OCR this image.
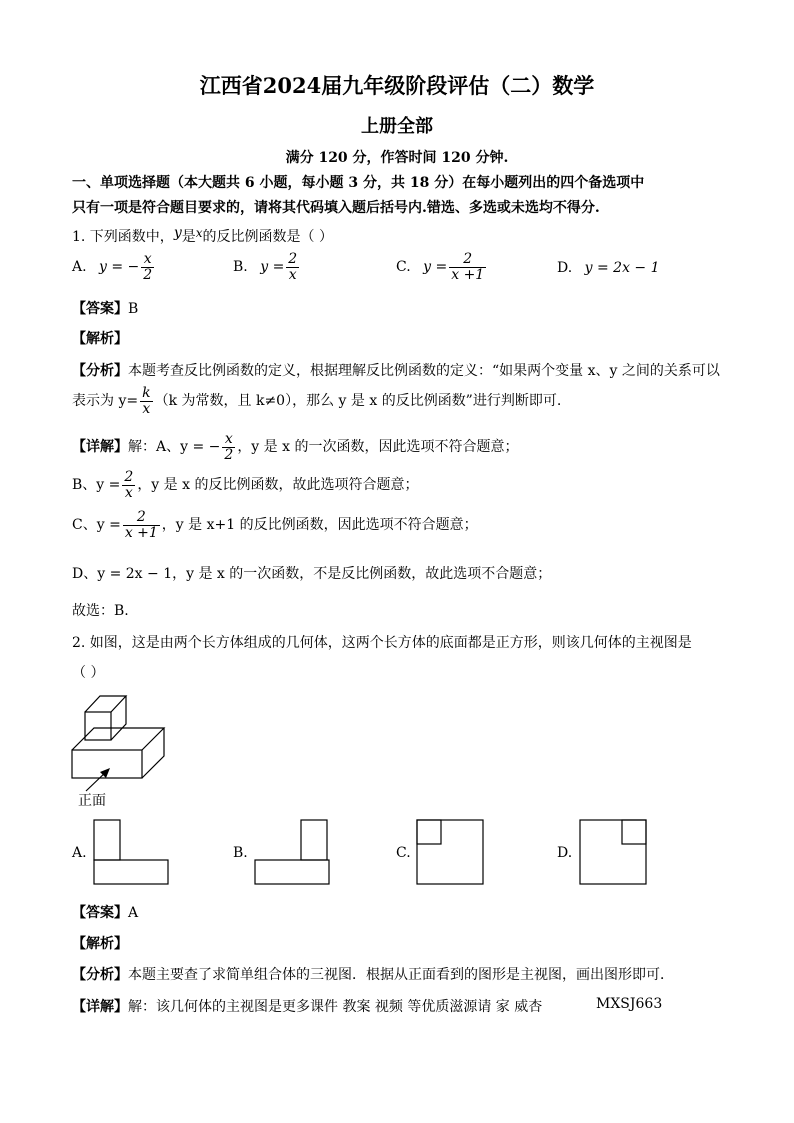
江西省2024届九年级阶段评估（二）数学
上册全部
满分 120 分，作答时间 120 分钟.
一、单项选择题（本大题共 6 小题，每小题 3 分，共 18 分）在每小题列出的四个备选项中
只有一项是符合题目要求的，请将其代码填入题后括号内.错选、多选或未选均不得分.
1. 下列函数中，y是x的反比例函数是（ ）
A. y = − $\frac{x}{2}$	B. $y = \frac{2}{x}$	C. $y = \frac{2}{x +1}$	D. y = 2x − 1
【答案】B
【解析】
【分析】本题考查反比例函数的定义，根据理解反比例函数的定义：“如果两个变量 x、y 之间的关系可以
表示为 $y= \frac{k}{x} (k$ 为常数，且 k≠0），那么 y 是 x 的反比例函数”进行判断即可.
【详解】解：A、y = − $\frac{x}{2}$ ，y 是 x 的一次函数，因此选项不符合题意；
B、$y = \frac{2}{x}$ ，y 是 x 的反比例函数，故此选项符合题意；
C、$y = \frac{2}{x +1}$ ，y 是 x+1 的反比例函数，因此选项不符合题意；
D、y = 2x − 1，y 是 x 的一次函数，不是反比例函数，故此选项不合题意；
故选：B.
2. 如图，这是由两个长方体组成的几何体，这两个长方体的底面都是正方形，则该几何体的主视图是
（ ）
正面
A.	B.	C.	D.
【答案】A
【解析】
【分析】本题主要查了求简单组合体的三视图．根据从正面看到的图形是主视图，画出图形即可．
【详解】解：该几何体的主视图是更多课件 教案 视频 等优质滋源请 家 威杏	MXSJ663
